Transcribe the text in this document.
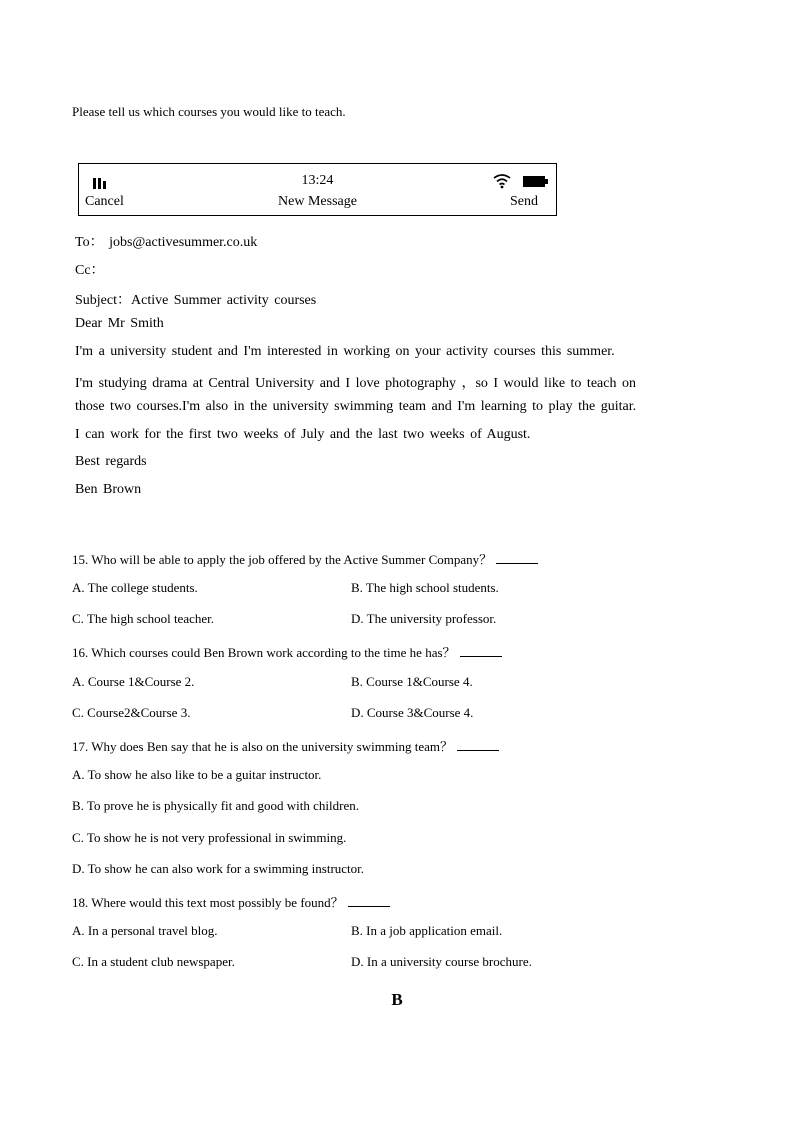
Please tell us which courses you would like to teach.
13:24
Cancel	New Message	Send
To： jobs@activesummer.co.uk
Cc：
Subject：Active Summer activity courses
Dear Mr Smith
I'm a university student and I'm interested in working on your activity courses this summer.
I'm studying drama at Central University and I love photography ，so I would like to teach on
those two courses.I'm also in the university swimming team and I'm learning to play the guitar.
I can work for the first two weeks of July and the last two weeks of August.
Best regards
Ben Brown
15. Who will be able to apply the job offered by the Active Summer Company？
A. The college students.	B. The high school students.
C. The high school teacher.	D. The university professor.
16. Which courses could Ben Brown work according to the time he has？
A. Course 1&Course 2.	B. Course 1&Course 4.
C. Course2&Course 3.	D. Course 3&Course 4.
17. Why does Ben say that he is also on the university swimming team？
A. To show he also like to be a guitar instructor.
B. To prove he is physically fit and good with children.
C. To show he is not very professional in swimming.
D. To show he can also work for a swimming instructor.
18. Where would this text most possibly be found？
A. In a personal travel blog.	B. In a job application email.
C. In a student club newspaper.	D. In a university course brochure.
B
